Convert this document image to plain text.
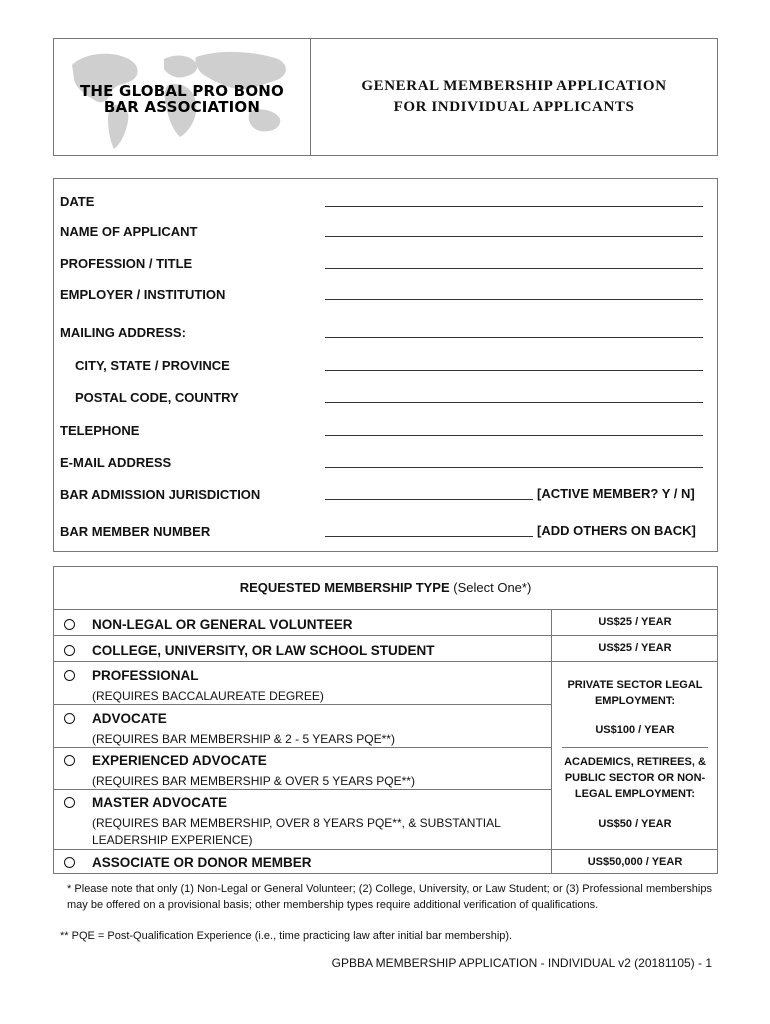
THE GLOBAL PRO BONO
BAR ASSOCIATION
GENERAL MEMBERSHIP APPLICATION
FOR INDIVIDUAL APPLICANTS
DATE
NAME OF APPLICANT
PROFESSION / TITLE
EMPLOYER / INSTITUTION
MAILING ADDRESS:
CITY, STATE / PROVINCE
POSTAL CODE, COUNTRY
TELEPHONE
E-MAIL ADDRESS
BAR ADMISSION JURISDICTION	[ACTIVE MEMBER? Y / N]
BAR MEMBER NUMBER	[ADD OTHERS ON BACK]
REQUESTED MEMBERSHIP TYPE (Select One*)
NON-LEGAL OR GENERAL VOLUNTEER
COLLEGE, UNIVERSITY, OR LAW SCHOOL STUDENT
PROFESSIONAL
(REQUIRES BACCALAUREATE DEGREE)
ADVOCATE
(REQUIRES BAR MEMBERSHIP & 2 - 5 YEARS PQE**)
EXPERIENCED ADVOCATE
(REQUIRES BAR MEMBERSHIP & OVER 5 YEARS PQE**)
MASTER ADVOCATE
(REQUIRES BAR MEMBERSHIP, OVER 8 YEARS PQE**, & SUBSTANTIAL LEADERSHIP EXPERIENCE)
ASSOCIATE OR DONOR MEMBER
US$25 / YEAR
US$25 / YEAR
PRIVATE SECTOR LEGAL EMPLOYMENT:
US$100 / YEAR
ACADEMICS, RETIREES, & PUBLIC SECTOR OR NON-LEGAL EMPLOYMENT:
US$50 / YEAR
US$50,000 / YEAR
* Please note that only (1) Non-Legal or General Volunteer; (2) College, University, or Law Student; or (3) Professional memberships may be offered on a provisional basis; other membership types require additional verification of qualifications.
** PQE = Post-Qualification Experience (i.e., time practicing law after initial bar membership).
GPBBA MEMBERSHIP APPLICATION - INDIVIDUAL v2 (20181105) - 1
